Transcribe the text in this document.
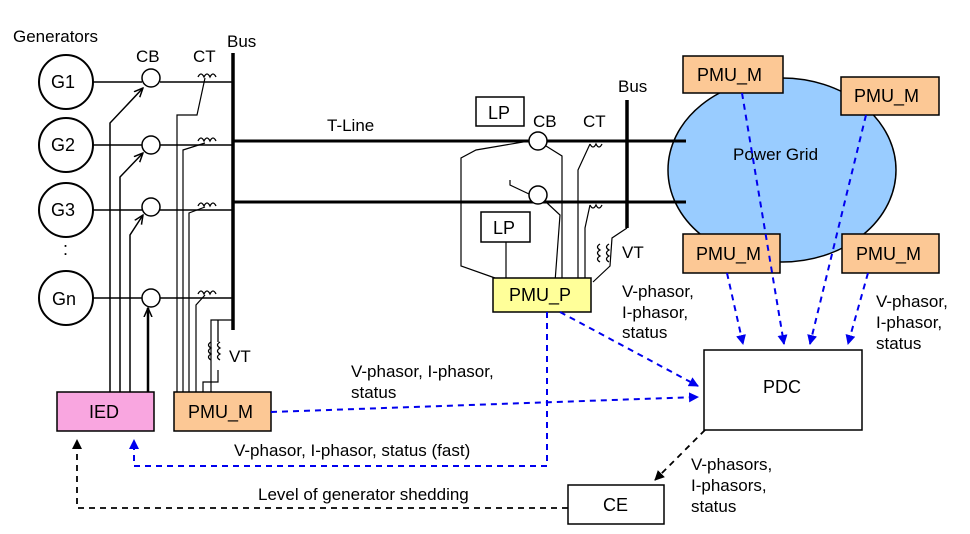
Power Grid
Bus
Generators
G1
G2
G3
:
Gn
CB CT
VT
T-Line
Bus
CB CT
LP
LP
VT
PMU_P
IED	PMU_M
PDC
CE
PMU_M
PMU_M
PMU_M	PMU_M
V-phasor,
I-phasor,
status
V-phasor,
I-phasor,
status
V-phasor, I-phasor,
status
V-phasor, I-phasor, status (fast)
V-phasors,
I-phasors,
status
Level of generator shedding
